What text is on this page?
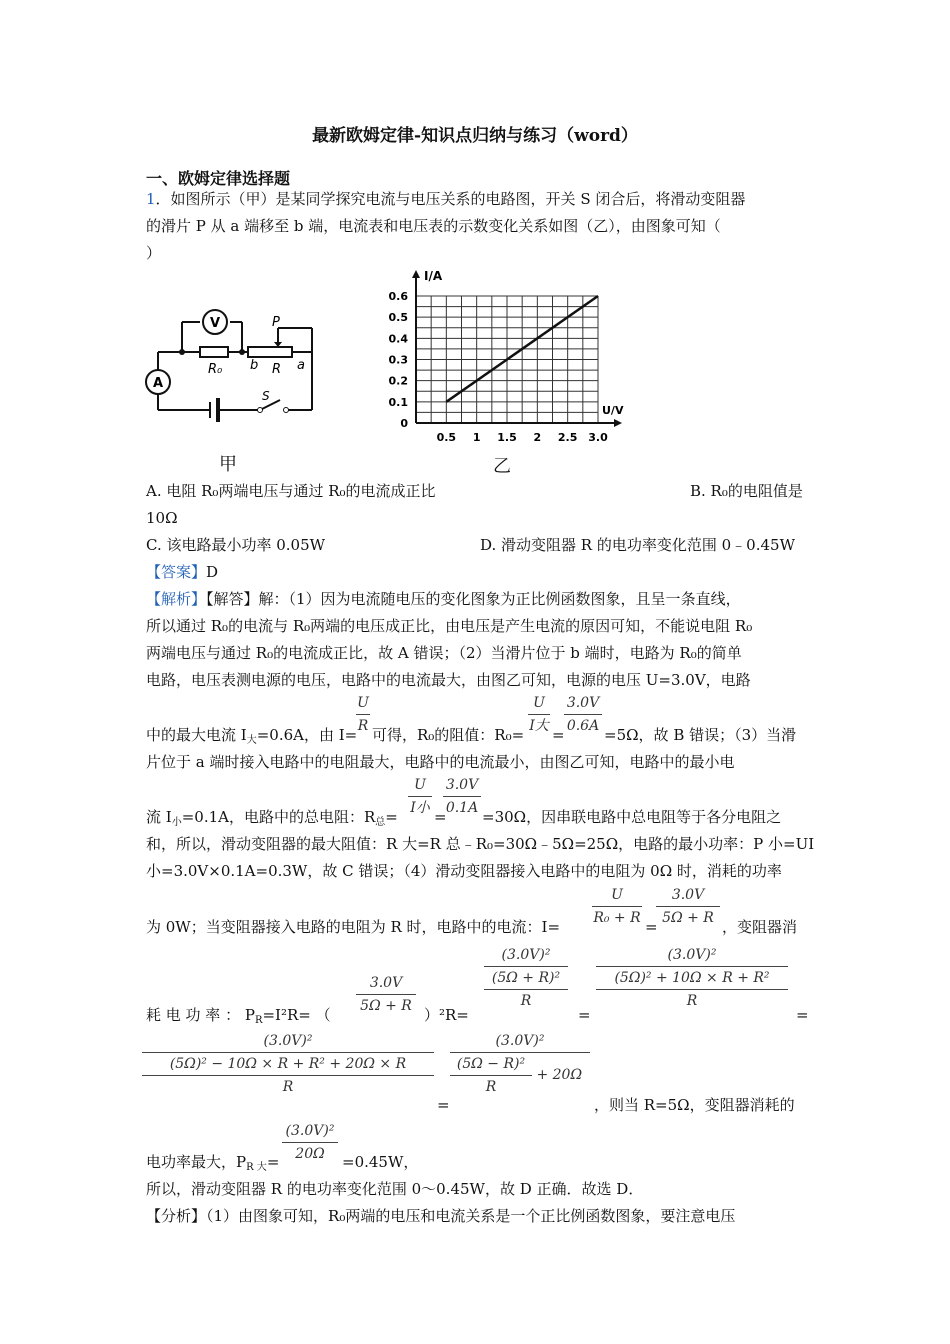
最新欧姆定律-知识点归纳与练习（word）
一、欧姆定律选择题
1．如图所示（甲）是某同学探究电流与电压关系的电路图，开关 S 闭合后，将滑动变阻器
的滑片 P 从 a 端移至 b 端，电流表和电压表的示数变化关系如图（乙），由图象可知（
）
V
A
R₀ b R a
P
S
甲
0.5 1 1.5 2 2.5 3.0
0
0.1
0.2
0.3
0.4
0.5
0.6
I/A
U/V
乙
A. 电阻 R₀两端电压与通过 R₀的电流成正比	B. R₀的电阻值是
10Ω
C. 该电路最小功率 0.05W	D. 滑动变阻器 R 的电功率变化范围 0﹣0.45W
【答案】D
【解析】【解答】解：（1）因为电流随电压的变化图象为正比例函数图象，且呈一条直线，
所以通过 R₀的电流与 R₀两端的电压成正比，由电压是产生电流的原因可知，不能说电阻 R₀
两端电压与通过 R₀的电流成正比，故 A 错误；（2）当滑片位于 b 端时，电路为 R₀的简单
电路，电压表测电源的电压，电路中的电流最大，由图乙可知，电源的电压 U=3.0V，电路
中的最大电流 $I_大=0.6A$，由 I=
U
R 可得，R₀的阻值：R₀=
U
I大 =
3.0V
0.6A =5Ω，故 B 错误；（3）当滑
片位于 a 端时接入电路中的电阻最大，电路中的电流最小，由图乙可知，电路中的最小电
流 $I_小=0.1A$，电路中的总电阻：$R_总=$
U
I小 =
3.0V
0.1A =30Ω，因串联电路中总电阻等于各分电阻之
和，所以，滑动变阻器的最大阻值：R 大=R 总﹣R₀=30Ω﹣5Ω=25Ω，电路的最小功率：P 小=UI
小=3.0V×0.1A=0.3W，故 C 错误；（4）滑动变阻器接入电路中的电阻为 0Ω 时，消耗的功率
为 0W；当变阻器接入电路的电阻为 R 时，电路中的电流：I=
U
R₀ + R =
3.0V
5Ω + R ，变阻器消
耗 电 功 率 ： $P_R=I^2R=$ （
3.0V
5Ω + R ）²R=
(3.0V)²
(5Ω + R)²
R
=
(3.0V)²
(5Ω)² + 10Ω × R + R²
R
=
(3.0V)²
(5Ω)² − 10Ω × R + R² + 20Ω × R
R
=
(3.0V)²
$\frac{\text{(5Ω − R)²}}{R} + 20\Omega$
，则当 R=5Ω，变阻器消耗的
电功率最大，$P_{R 大}=$
(3.0V)²
20Ω	=0.45W，
所以，滑动变阻器 R 的电功率变化范围 0～0.45W，故 D 正确．故选 D．
【分析】（1）由图象可知，R₀两端的电压和电流关系是一个正比例函数图象，要注意电压
